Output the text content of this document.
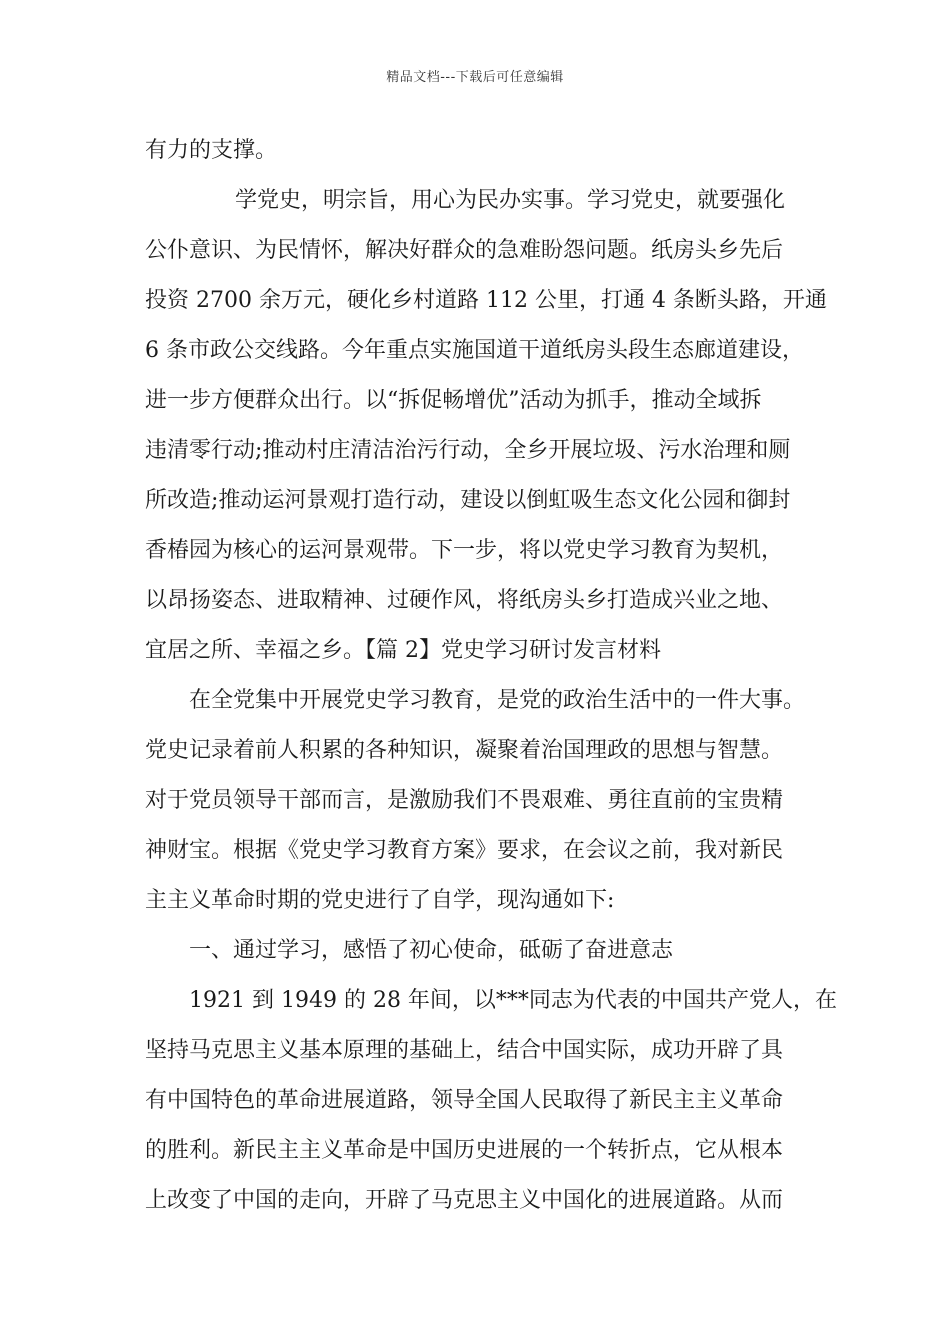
精品文档---下载后可任意编辑
有力的支撑。
学党史，明宗旨，用心为民办实事。学习党史，就要强化
公仆意识、为民情怀，解决好群众的急难盼怨问题。纸房头乡先后
投资 2700 余万元，硬化乡村道路 112 公里，打通 4 条断头路，开通
6 条市政公交线路。今年重点实施国道干道纸房头段生态廊道建设，
进一步方便群众出行。以“拆促畅增优”活动为抓手，推动全域拆
违清零行动;推动村庄清洁治污行动，全乡开展垃圾、污水治理和厕
所改造;推动运河景观打造行动，建设以倒虹吸生态文化公园和御封
香椿园为核心的运河景观带。下一步，将以党史学习教育为契机，
以昂扬姿态、进取精神、过硬作风，将纸房头乡打造成兴业之地、
宜居之所、幸福之乡。【篇 2】党史学习研讨发言材料
在全党集中开展党史学习教育，是党的政治生活中的一件大事。
党史记录着前人积累的各种知识，凝聚着治国理政的思想与智慧。
对于党员领导干部而言，是激励我们不畏艰难、勇往直前的宝贵精
神财宝。根据《党史学习教育方案》要求，在会议之前，我对新民
主主义革命时期的党史进行了自学，现沟通如下:
一、通过学习，感悟了初心使命，砥砺了奋进意志
1921 到 1949 的 28 年间，以***同志为代表的中国共产党人，在
坚持马克思主义基本原理的基础上，结合中国实际，成功开辟了具
有中国特色的革命进展道路，领导全国人民取得了新民主主义革命
的胜利。新民主主义革命是中国历史进展的一个转折点，它从根本
上改变了中国的走向，开辟了马克思主义中国化的进展道路。从而
